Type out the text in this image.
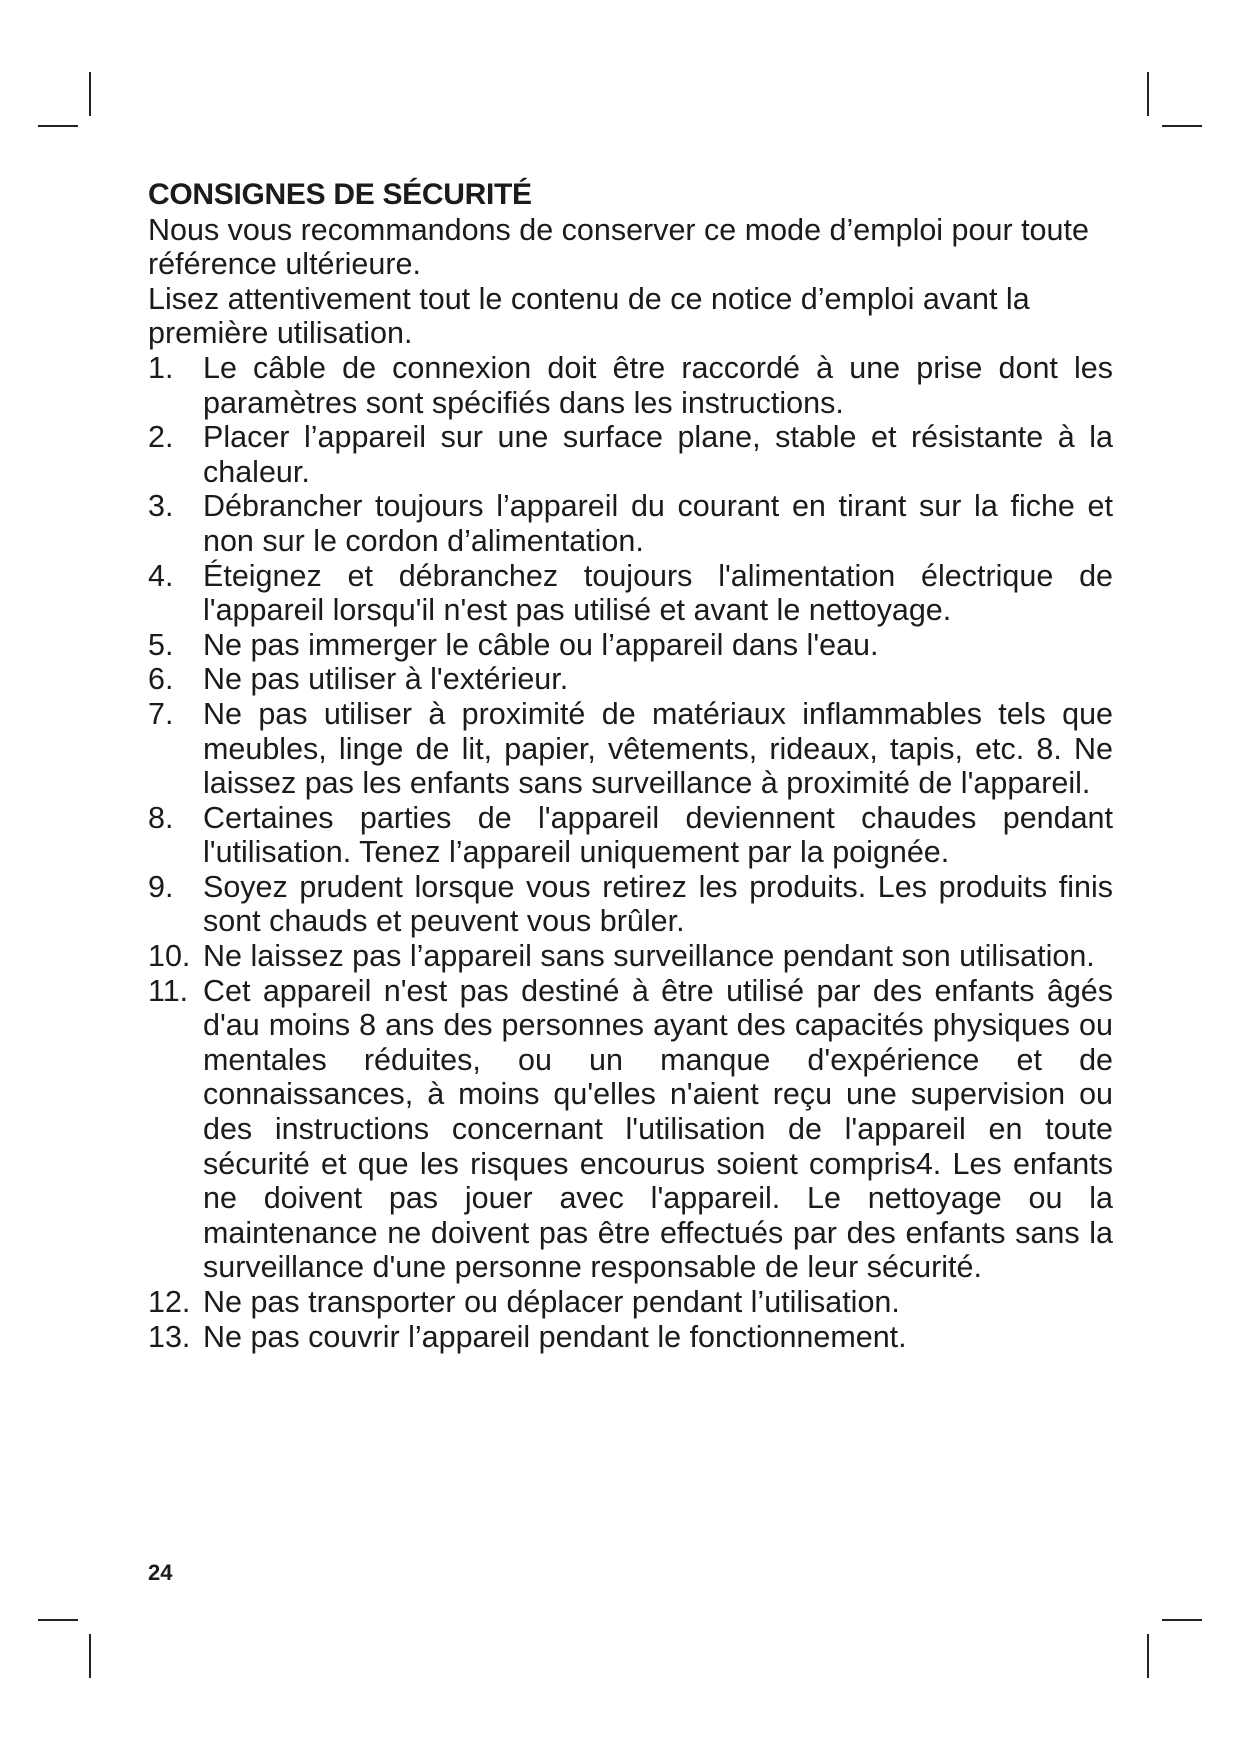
CONSIGNES DE SÉCURITÉ

Nous vous recommandons de conserver ce mode d’emploi pour toute référence ultérieure.

Lisez attentivement tout le contenu de ce notice d’emploi avant la première utilisation.

1. Le câble de connexion doit être raccordé à une prise dont les paramètres sont spécifiés dans les instructions.
2. Placer l’appareil sur une surface plane, stable et résistante à la chaleur.
3. Débrancher toujours l’appareil du courant en tirant sur la fiche et non sur le cordon d’alimentation.
4. Éteignez et débranchez toujours l'alimentation électrique de l'appareil lorsqu'il n'est pas utilisé et avant le nettoyage.
5. Ne pas immerger le câble ou l’appareil dans l'eau.
6. Ne pas utiliser à l'extérieur.
7. Ne pas utiliser à proximité de matériaux inflammables tels que meubles, linge de lit, papier, vêtements, rideaux, tapis, etc. 8. Ne laissez pas les enfants sans surveillance à proximité de l'appareil.
8. Certaines parties de l'appareil deviennent chaudes pendant l'utilisation. Tenez l’appareil uniquement par la poignée.
9. Soyez prudent lorsque vous retirez les produits. Les produits finis sont chauds et peuvent vous brûler.
10. Ne laissez pas l’appareil sans surveillance pendant son utilisation.
11. Cet appareil n'est pas destiné à être utilisé par des enfants âgés d'au moins 8 ans des personnes ayant des capacités physiques ou mentales réduites, ou un manque d'expérience et de connaissances, à moins qu'elles n'aient reçu une supervision ou des instructions concernant l'utilisation de l'appareil en toute sécurité et que les risques encourus soient compris4. Les enfants ne doivent pas jouer avec l'appareil. Le nettoyage ou la maintenance ne doivent pas être effectués par des enfants sans la surveillance d'une personne responsable de leur sécurité.
12. Ne pas transporter ou déplacer pendant l’utilisation.
13. Ne pas couvrir l’appareil pendant le fonctionnement.
24
